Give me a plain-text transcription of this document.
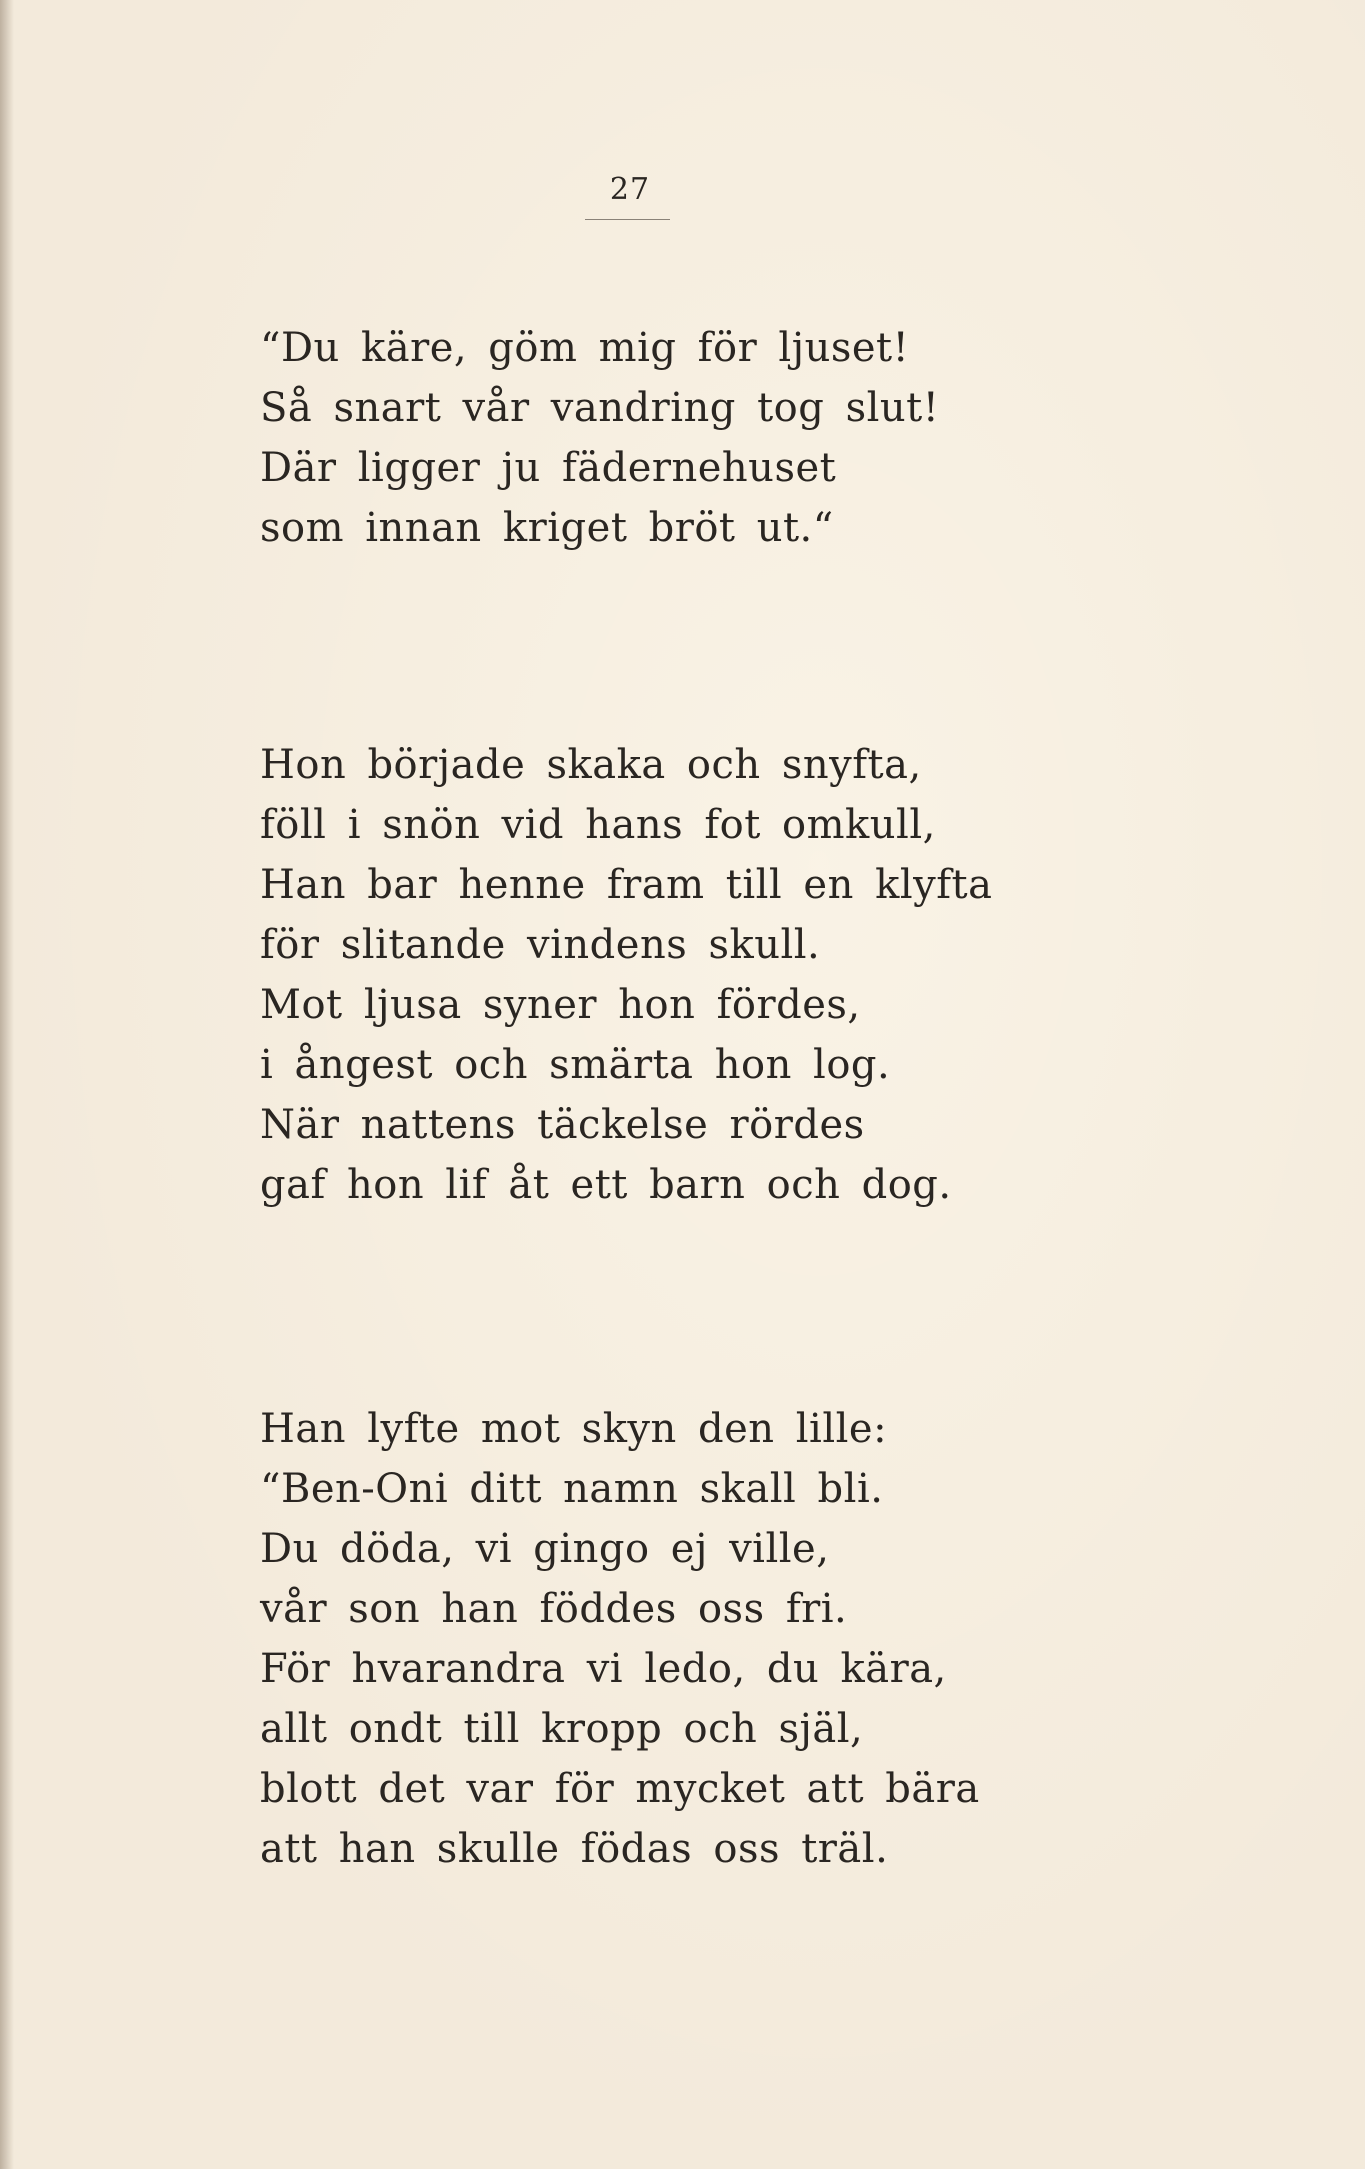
27
“Du käre, göm mig för ljuset!
Så snart vår vandring tog slut!
Där ligger ju fädernehuset
som innan kriget bröt ut.“
Hon började skaka och snyfta,
föll i snön vid hans fot omkull,
Han bar henne fram till en klyfta
för slitande vindens skull.
Mot ljusa syner hon fördes,
i ångest och smärta hon log.
När nattens täckelse rördes
gaf hon lif åt ett barn och dog.
Han lyfte mot skyn den lille:
“Ben-Oni ditt namn skall bli.
Du döda, vi gingo ej ville,
vår son han föddes oss fri.
För hvarandra vi ledo, du kära,
allt ondt till kropp och själ,
blott det var för mycket att bära
att han skulle födas oss träl.
